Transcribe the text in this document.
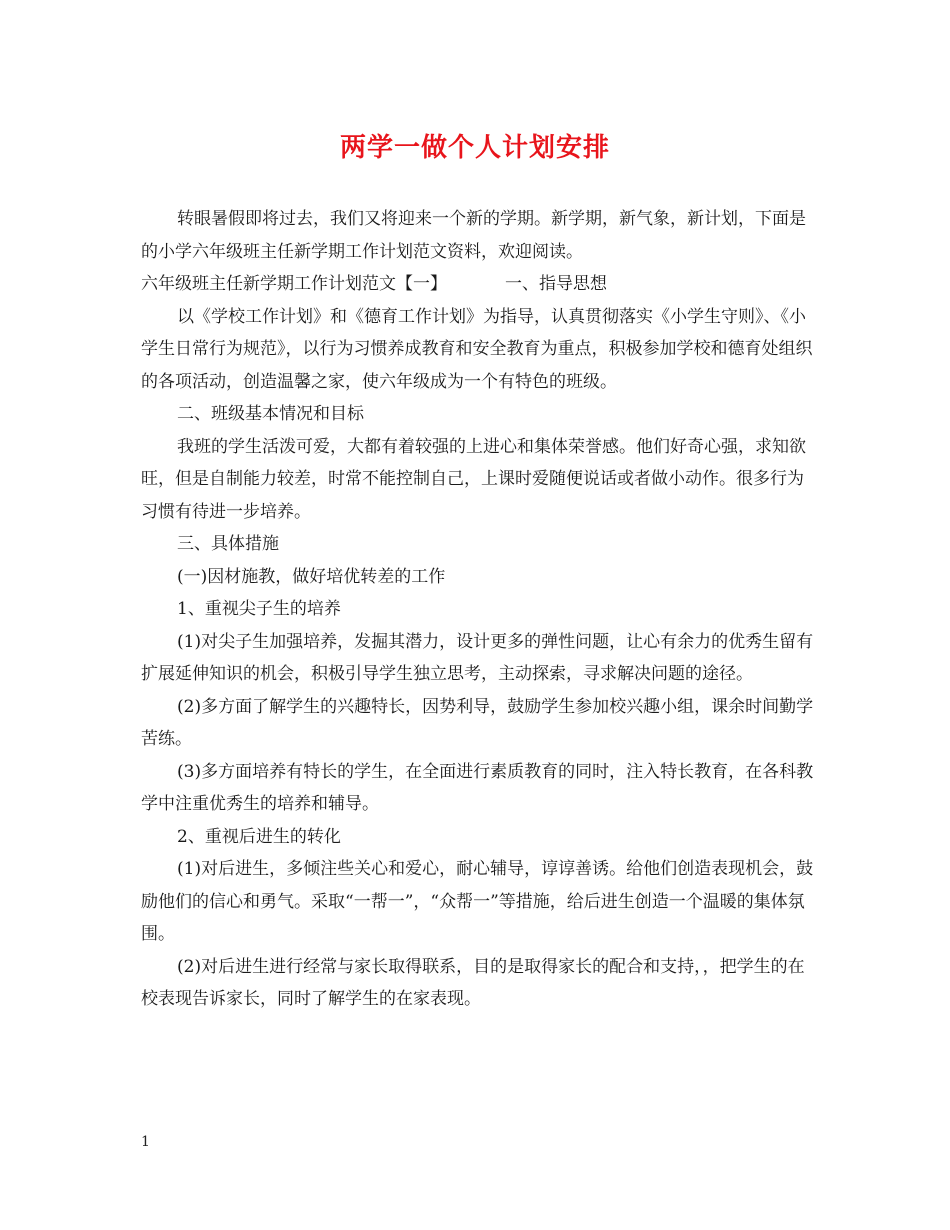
两学一做个人计划安排

转眼暑假即将过去，我们又将迎来一个新的学期。新学期，新气象，新计划，下面是的小学六年级班主任新学期工作计划范文资料，欢迎阅读。

六年级班主任新学期工作计划范文【一】	一、指导思想

以《学校工作计划》和《德育工作计划》为指导，认真贯彻落实《小学生守则》、《小学生日常行为规范》，以行为习惯养成教育和安全教育为重点，积极参加学校和德育处组织的各项活动，创造温馨之家，使六年级成为一个有特色的班级。

二、班级基本情况和目标

我班的学生活泼可爱，大都有着较强的上进心和集体荣誉感。他们好奇心强，求知欲旺，但是自制能力较差，时常不能控制自己，上课时爱随便说话或者做小动作。很多行为习惯有待进一步培养。

三、具体措施

(一)因材施教，做好培优转差的工作

1、重视尖子生的培养

(1)对尖子生加强培养，发掘其潜力，设计更多的弹性问题，让心有余力的优秀生留有扩展延伸知识的机会，积极引导学生独立思考，主动探索，寻求解决问题的途径。

(2)多方面了解学生的兴趣特长，因势利导，鼓励学生参加校兴趣小组，课余时间勤学苦练。

(3)多方面培养有特长的学生，在全面进行素质教育的同时，注入特长教育，在各科教学中注重优秀生的培养和辅导。

2、重视后进生的转化

(1)对后进生，多倾注些关心和爱心，耐心辅导，谆谆善诱。给他们创造表现机会，鼓励他们的信心和勇气。采取“一帮一”，“众帮一”等措施，给后进生创造一个温暖的集体氛围。

(2)对后进生进行经常与家长取得联系，目的是取得家长的配合和支持，，把学生的在校表现告诉家长，同时了解学生的在家表现。

1
